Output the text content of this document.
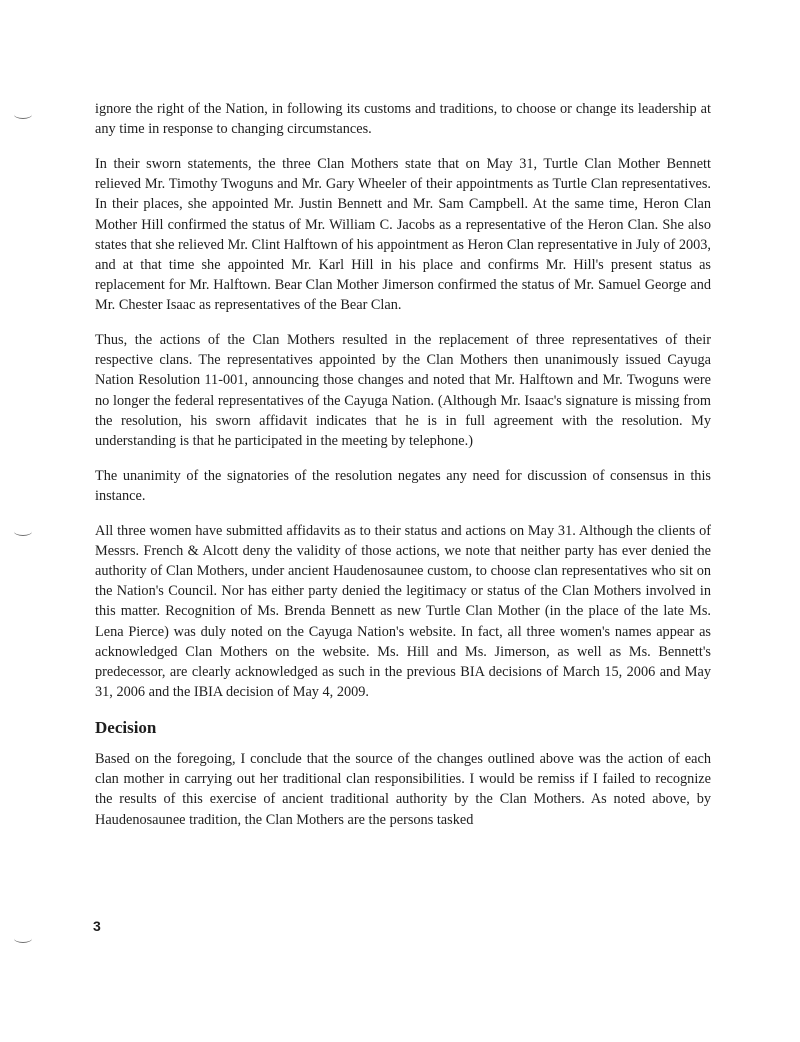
ignore the right of the Nation, in following its customs and traditions, to choose or change its leadership at any time in response to changing circumstances.

In their sworn statements, the three Clan Mothers state that on May 31, Turtle Clan Mother Bennett relieved Mr. Timothy Twoguns and Mr. Gary Wheeler of their appointments as Turtle Clan representatives. In their places, she appointed Mr. Justin Bennett and Mr. Sam Campbell. At the same time, Heron Clan Mother Hill confirmed the status of Mr. William C. Jacobs as a representative of the Heron Clan. She also states that she relieved Mr. Clint Halftown of his appointment as Heron Clan representative in July of 2003, and at that time she appointed Mr. Karl Hill in his place and confirms Mr. Hill's present status as replacement for Mr. Halftown. Bear Clan Mother Jimerson confirmed the status of Mr. Samuel George and Mr. Chester Isaac as representatives of the Bear Clan.

Thus, the actions of the Clan Mothers resulted in the replacement of three representatives of their respective clans. The representatives appointed by the Clan Mothers then unanimously issued Cayuga Nation Resolution 11-001, announcing those changes and noted that Mr. Halftown and Mr. Twoguns were no longer the federal representatives of the Cayuga Nation. (Although Mr. Isaac's signature is missing from the resolution, his sworn affidavit indicates that he is in full agreement with the resolution. My understanding is that he participated in the meeting by telephone.)

The unanimity of the signatories of the resolution negates any need for discussion of consensus in this instance.

All three women have submitted affidavits as to their status and actions on May 31. Although the clients of Messrs. French & Alcott deny the validity of those actions, we note that neither party has ever denied the authority of Clan Mothers, under ancient Haudenosaunee custom, to choose clan representatives who sit on the Nation's Council. Nor has either party denied the legitimacy or status of the Clan Mothers involved in this matter. Recognition of Ms. Brenda Bennett as new Turtle Clan Mother (in the place of the late Ms. Lena Pierce) was duly noted on the Cayuga Nation's website. In fact, all three women's names appear as acknowledged Clan Mothers on the website. Ms. Hill and Ms. Jimerson, as well as Ms. Bennett's predecessor, are clearly acknowledged as such in the previous BIA decisions of March 15, 2006 and May 31, 2006 and the IBIA decision of May 4, 2009.

Decision

Based on the foregoing, I conclude that the source of the changes outlined above was the action of each clan mother in carrying out her traditional clan responsibilities. I would be remiss if I failed to recognize the results of this exercise of ancient traditional authority by the Clan Mothers. As noted above, by Haudenosaunee tradition, the Clan Mothers are the persons tasked

3
